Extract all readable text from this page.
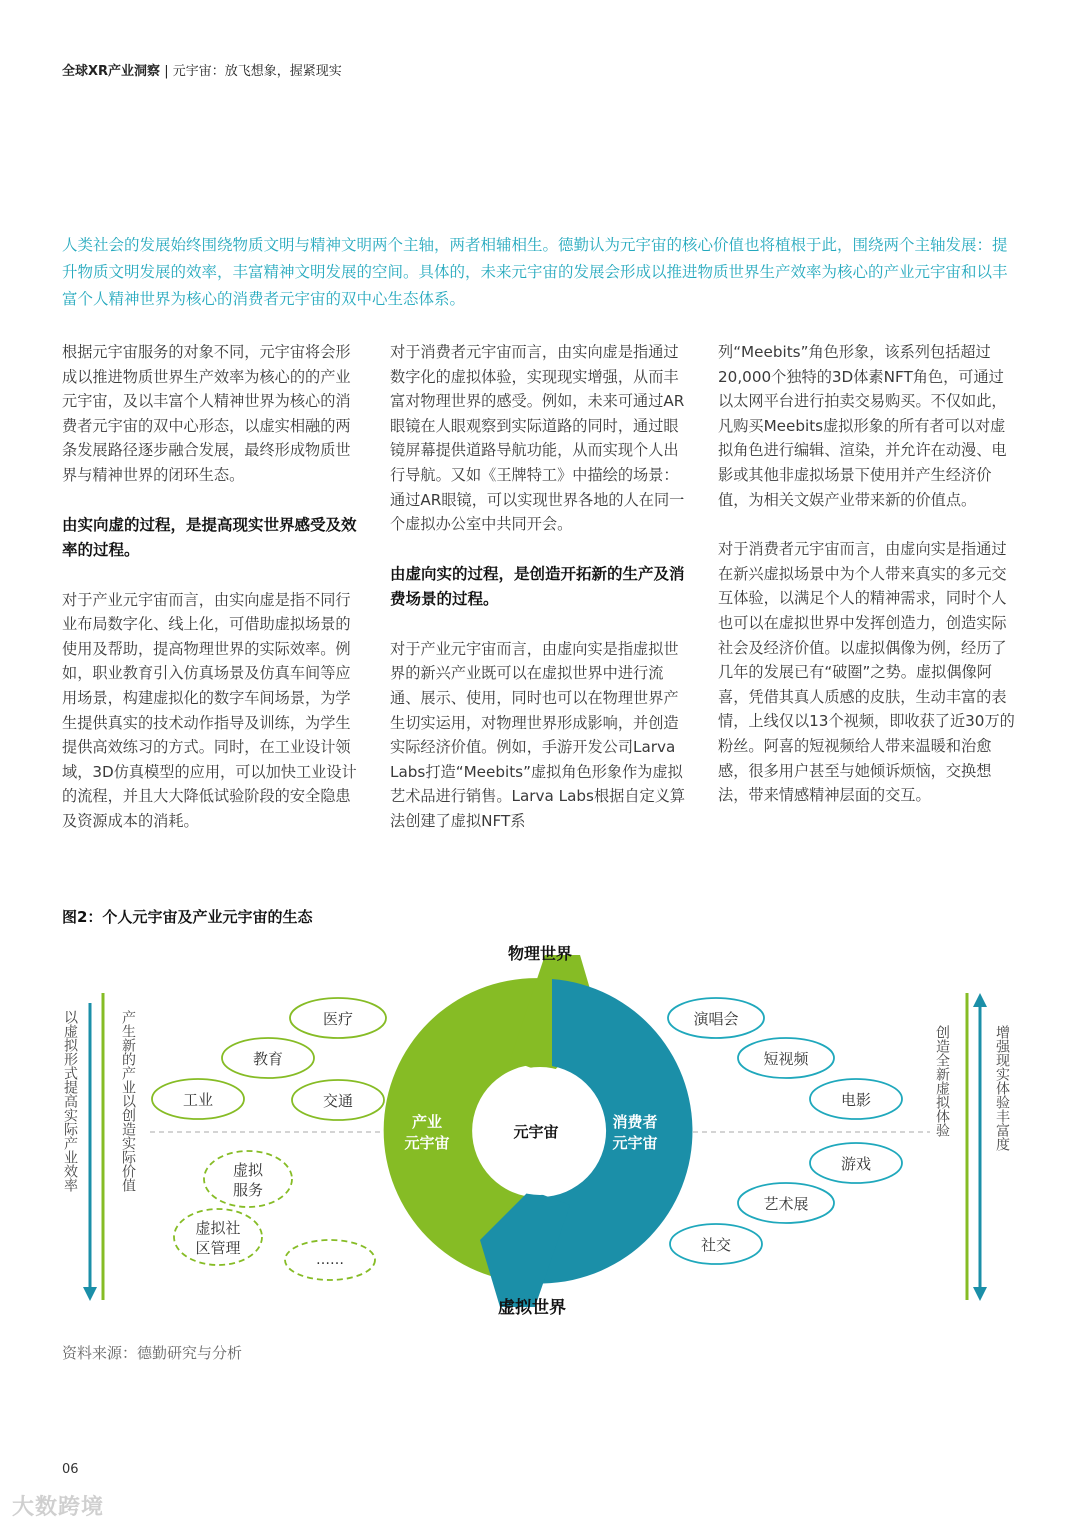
全球XR产业洞察 | 元宇宙：放飞想象，握紧现实
人类社会的发展始终围绕物质文明与精神文明两个主轴，两者相辅相生。德勤认为元宇宙的核心价值也将植根于此，围绕两个主轴发展：提升物质文明发展的效率，丰富精神文明发展的空间。具体的，未来元宇宙的发展会形成以推进物质世界生产效率为核心的产业元宇宙和以丰富个人精神世界为核心的消费者元宇宙的双中心生态体系。

根据元宇宙服务的对象不同，元宇宙将会形成以推进物质世界生产效率为核心的的产业元宇宙，及以丰富个人精神世界为核心的消费者元宇宙的双中心形态，以虚实相融的两条发展路径逐步融合发展，最终形成物质世界与精神世界的闭环生态。

由实向虚的过程，是提高现实世界感受及效率的过程。

对于产业元宇宙而言，由实向虚是指不同行业布局数字化、线上化，可借助虚拟场景的使用及帮助，提高物理世界的实际效率。例如，职业教育引入仿真场景及仿真车间等应用场景，构建虚拟化的数字车间场景，为学生提供真实的技术动作指导及训练，为学生提供高效练习的方式。同时，在工业设计领域，3D仿真模型的应用，可以加快工业设计的流程，并且大大降低试验阶段的安全隐患及资源成本的消耗。

对于消费者元宇宙而言，由实向虚是指通过数字化的虚拟体验，实现现实增强，从而丰富对物理世界的感受。例如，未来可通过AR眼镜在人眼观察到实际道路的同时，通过眼镜屏幕提供道路导航功能，从而实现个人出行导航。又如《王牌特工》中描绘的场景：通过AR眼镜，可以实现世界各地的人在同一个虚拟办公室中共同开会。

由虚向实的过程，是创造开拓新的生产及消费场景的过程。

对于产业元宇宙而言，由虚向实是指虚拟世界的新兴产业既可以在虚拟世界中进行流通、展示、使用，同时也可以在物理世界产生切实运用，对物理世界形成影响，并创造实际经济价值。例如，手游开发公司Larva Labs打造“Meebits”虚拟角色形象作为虚拟艺术品进行销售。Larva Labs根据自定义算法创建了虚拟NFT系

列“Meebits”角色形象，该系列包括超过20,000个独特的3D体素NFT角色，可通过以太网平台进行拍卖交易购买。不仅如此，凡购买Meebits虚拟形象的所有者可以对虚拟角色进行编辑、渲染，并允许在动漫、电影或其他非虚拟场景下使用并产生经济价值，为相关文娱产业带来新的价值点。

对于消费者元宇宙而言，由虚向实是指通过在新兴虚拟场景中为个人带来真实的多元交互体验，以满足个人的精神需求，同时个人也可以在虚拟世界中发挥创造力，创造实际社会及经济价值。以虚拟偶像为例，经历了几年的发展已有“破圈”之势。虚拟偶像阿喜，凭借其真人质感的皮肤，生动丰富的表情，上线仅以13个视频，即收获了近30万的粉丝。阿喜的短视频给人带来温暖和治愈感，很多用户甚至与她倾诉烦恼，交换想法，带来情感精神层面的交互。

图2：个人元宇宙及产业元宇宙的生态
以虚拟形式提高实际产业效率	产生新的产业以创造实际价值	创造全新虚拟体验	增强现实体验丰富度
物理世界
虚拟世界
元宇宙
产业
元宇宙
消费者
元宇宙
医疗
教育
工业	交通
虚拟
服务
虚拟社
区管理
……
演唱会
短视频
电影
游戏
艺术展
社交
资料来源：德勤研究与分析
06
大数跨境
